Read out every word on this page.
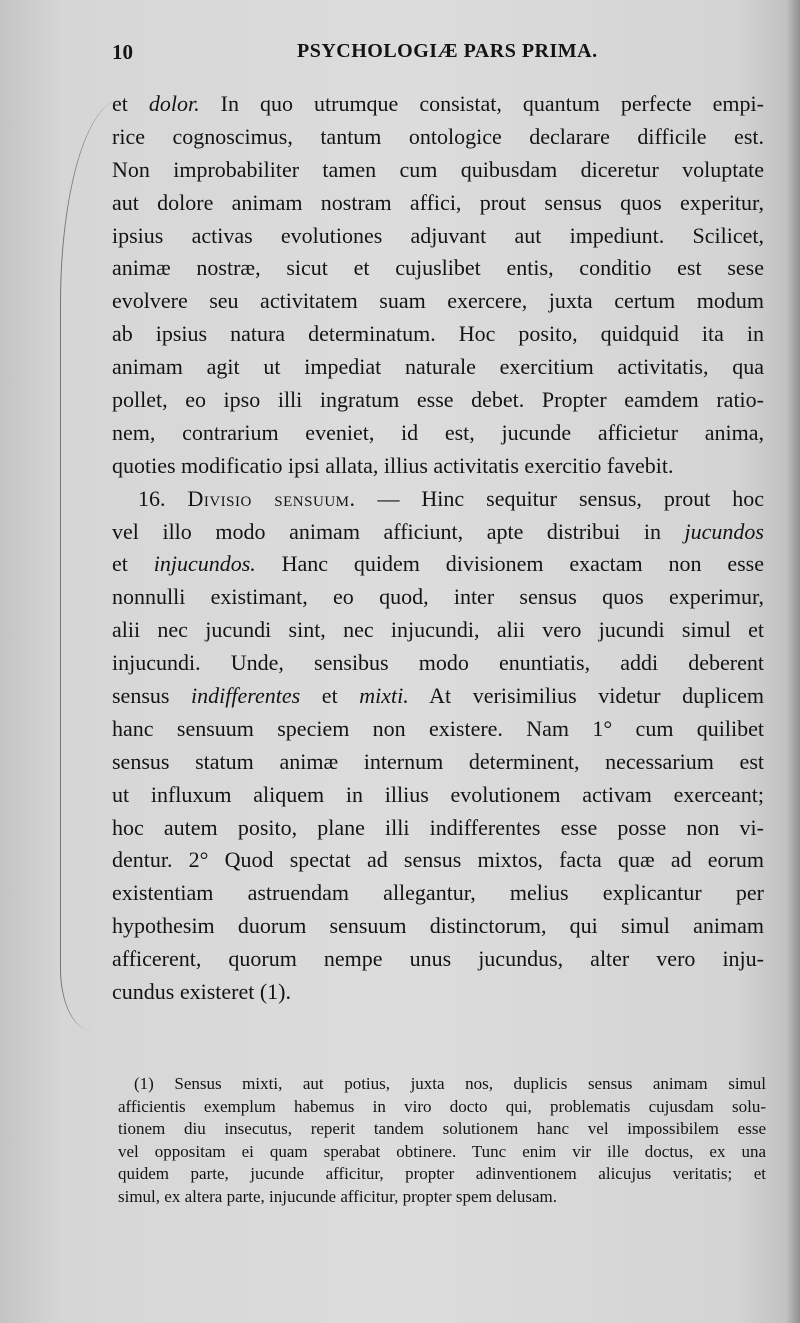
10	PSYCHOLOGIÆ PARS PRIMA.
et dolor. In quo utrumque consistat, quantum perfecte empi-
rice cognoscimus, tantum ontologice declarare difficile est.
Non improbabiliter tamen cum quibusdam diceretur voluptate
aut dolore animam nostram affici, prout sensus quos experitur,
ipsius activas evolutiones adjuvant aut impediunt. Scilicet,
animæ nostræ, sicut et cujuslibet entis, conditio est sese
evolvere seu activitatem suam exercere, juxta certum modum
ab ipsius natura determinatum. Hoc posito, quidquid ita in
animam agit ut impediat naturale exercitium activitatis, qua
pollet, eo ipso illi ingratum esse debet. Propter eamdem ratio-
nem, contrarium eveniet, id est, jucunde afficietur anima,
quoties modificatio ipsi allata, illius activitatis exercitio favebit.
16. Divisio sensuum. — Hinc sequitur sensus, prout hoc
vel illo modo animam afficiunt, apte distribui in jucundos
et injucundos. Hanc quidem divisionem exactam non esse
nonnulli existimant, eo quod, inter sensus quos experimur,
alii nec jucundi sint, nec injucundi, alii vero jucundi simul et
injucundi. Unde, sensibus modo enuntiatis, addi deberent
sensus indifferentes et mixti. At verisimilius videtur duplicem
hanc sensuum speciem non existere. Nam 1° cum quilibet
sensus statum animæ internum determinent, necessarium est
ut influxum aliquem in illius evolutionem activam exerceant;
hoc autem posito, plane illi indifferentes esse posse non vi-
dentur. 2° Quod spectat ad sensus mixtos, facta quæ ad eorum
existentiam astruendam allegantur, melius explicantur per
hypothesim duorum sensuum distinctorum, qui simul animam
afficerent, quorum nempe unus jucundus, alter vero inju-
cundus existeret (1).
(1) Sensus mixti, aut potius, juxta nos, duplicis sensus animam simul
afficientis exemplum habemus in viro docto qui, problematis cujusdam solu-
tionem diu insecutus, reperit tandem solutionem hanc vel impossibilem esse
vel oppositam ei quam sperabat obtinere. Tunc enim vir ille doctus, ex una
quidem parte, jucunde afficitur, propter adinventionem alicujus veritatis; et
simul, ex altera parte, injucunde afficitur, propter spem delusam.
